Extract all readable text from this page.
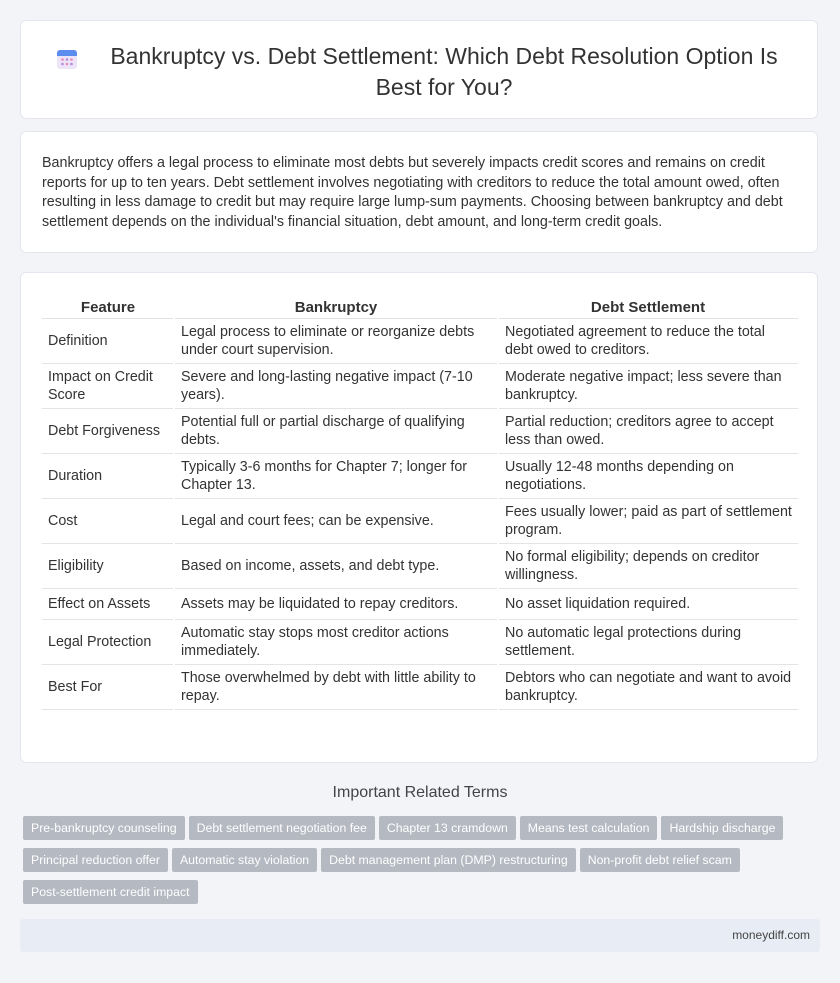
Bankruptcy vs. Debt Settlement: Which Debt Resolution Option Is Best for You?

Bankruptcy offers a legal process to eliminate most debts but severely impacts credit scores and remains on credit reports for up to ten years. Debt settlement involves negotiating with creditors to reduce the total amount owed, often resulting in less damage to credit but may require large lump-sum payments. Choosing between bankruptcy and debt settlement depends on the individual's financial situation, debt amount, and long-term credit goals.

Feature	Bankruptcy	Debt Settlement
Definition	Legal process to eliminate or reorganize debts under court supervision.	Negotiated agreement to reduce the total debt owed to creditors.
Impact on Credit Score	Severe and long-lasting negative impact (7-10 years).	Moderate negative impact; less severe than bankruptcy.
Debt Forgiveness	Potential full or partial discharge of qualifying debts.	Partial reduction; creditors agree to accept less than owed.
Duration	Typically 3-6 months for Chapter 7; longer for Chapter 13.	Usually 12-48 months depending on negotiations.
Cost	Legal and court fees; can be expensive.	Fees usually lower; paid as part of settlement program.
Eligibility	Based on income, assets, and debt type.	No formal eligibility; depends on creditor willingness.
Effect on Assets	Assets may be liquidated to repay creditors.	No asset liquidation required.
Legal Protection	Automatic stay stops most creditor actions immediately.	No automatic legal protections during settlement.
Best For	Those overwhelmed by debt with little ability to repay.	Debtors who can negotiate and want to avoid bankruptcy.
Important Related Terms
Pre-bankruptcy counseling Debt settlement negotiation fee Chapter 13 cramdown Means test calculation Hardship discharge
Principal reduction offer Automatic stay violation Debt management plan (DMP) restructuring Non-profit debt relief scam
Post-settlement credit impact
moneydiff.com
